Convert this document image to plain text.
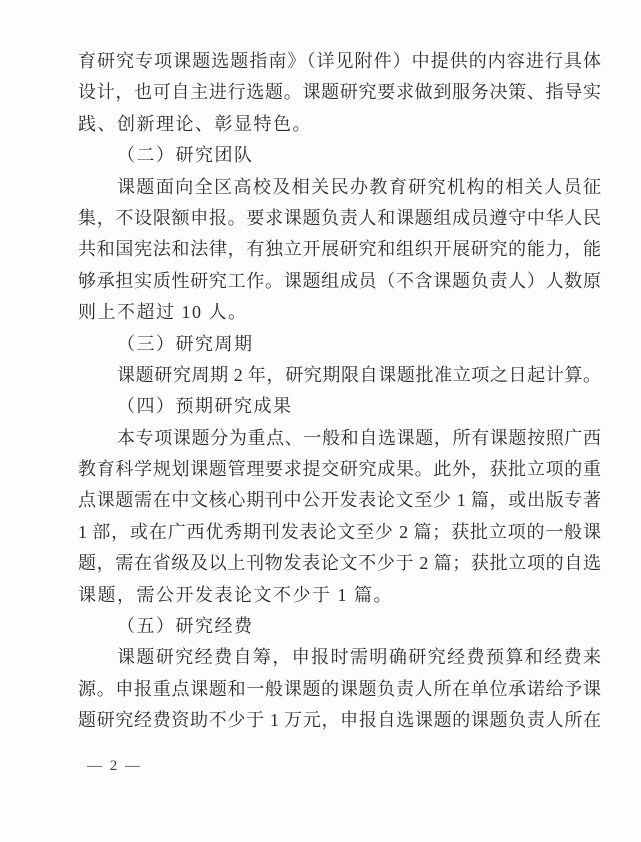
育研究专项课题选题指南》（详见附件）中提供的内容进行具体
设计，也可自主进行选题。课题研究要求做到服务决策、指导实
践、创新理论、彰显特色。
（二）研究团队
课题面向全区高校及相关民办教育研究机构的相关人员征
集，不设限额申报。要求课题负责人和课题组成员遵守中华人民
共和国宪法和法律，有独立开展研究和组织开展研究的能力，能
够承担实质性研究工作。课题组成员（不含课题负责人）人数原
则上不超过 10 人。
（三）研究周期
课题研究周期 2 年，研究期限自课题批准立项之日起计算。
（四）预期研究成果
本专项课题分为重点、一般和自选课题，所有课题按照广西
教育科学规划课题管理要求提交研究成果。此外，获批立项的重
点课题需在中文核心期刊中公开发表论文至少 1 篇，或出版专著
1 部，或在广西优秀期刊发表论文至少 2 篇；获批立项的一般课
题，需在省级及以上刊物发表论文不少于 2 篇；获批立项的自选
课题，需公开发表论文不少于 1 篇。
（五）研究经费
课题研究经费自筹，申报时需明确研究经费预算和经费来
源。申报重点课题和一般课题的课题负责人所在单位承诺给予课
题研究经费资助不少于 1 万元，申报自选课题的课题负责人所在
— 2 —
